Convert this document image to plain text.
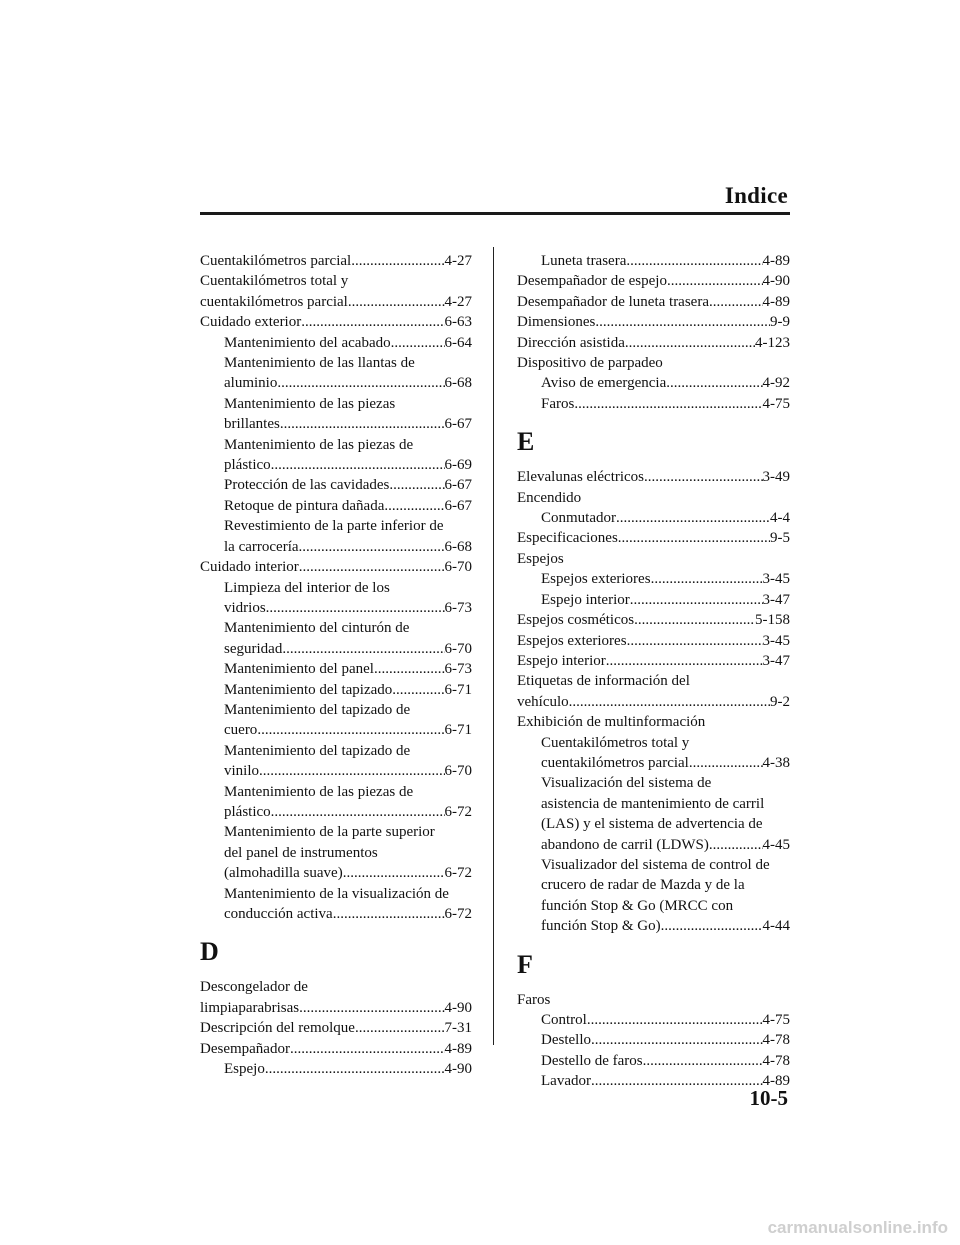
Indice
Cuentakilómetros parcial .....	4-27
Cuentakilómetros total y
cuentakilómetros parcial .....	4-27
Cuidado exterior .....	6-63
Mantenimiento del acabado .....	6-64
Mantenimiento de las llantas de
aluminio .....	6-68
Mantenimiento de las piezas
brillantes .....	6-67
Mantenimiento de las piezas de
plástico .....	6-69
Protección de las cavidades .....	6-67
Retoque de pintura dañada .....	6-67
Revestimiento de la parte inferior de
la carrocería .....	6-68
Cuidado interior .....	6-70
Limpieza del interior de los
vidrios .....	6-73
Mantenimiento del cinturón de
seguridad .....	6-70
Mantenimiento del panel .....	6-73
Mantenimiento del tapizado .....	6-71
Mantenimiento del tapizado de
cuero .....	6-71
Mantenimiento del tapizado de
vinilo .....	6-70
Mantenimiento de las piezas de
plástico .....	6-72
Mantenimiento de la parte superior
del panel de instrumentos
(almohadilla suave) .....	6-72
Mantenimiento de la visualización de
conducción activa .....	6-72
D
Descongelador de
limpiaparabrisas .....	4-90
Descripción del remolque .....	7-31
Desempañador .....	4-89
Espejo .....	4-90
Luneta trasera .....	4-89
Desempañador de espejo .....	4-90
Desempañador de luneta trasera .....	4-89
Dimensiones .....	9-9
Dirección asistida .....	4-123
Dispositivo de parpadeo
Aviso de emergencia .....	4-92
Faros .....	4-75
E
Elevalunas eléctricos .....	3-49
Encendido
Conmutador .....	4-4
Especificaciones .....	9-5
Espejos
Espejos exteriores .....	3-45
Espejo interior .....	3-47
Espejos cosméticos .....	5-158
Espejos exteriores .....	3-45
Espejo interior .....	3-47
Etiquetas de información del
vehículo .....	9-2
Exhibición de multinformación
Cuentakilómetros total y
cuentakilómetros parcial .....	4-38
Visualización del sistema de
asistencia de mantenimiento de carril
(LAS) y el sistema de advertencia de
abandono de carril (LDWS) .....	4-45
Visualizador del sistema de control de
crucero de radar de Mazda y de la
función Stop & Go (MRCC con
función Stop & Go) .....	4-44
F
Faros
Control .....	4-75
Destello .....	4-78
Destello de faros .....	4-78
Lavador .....	4-89
10-5
carmanualsonline.info
